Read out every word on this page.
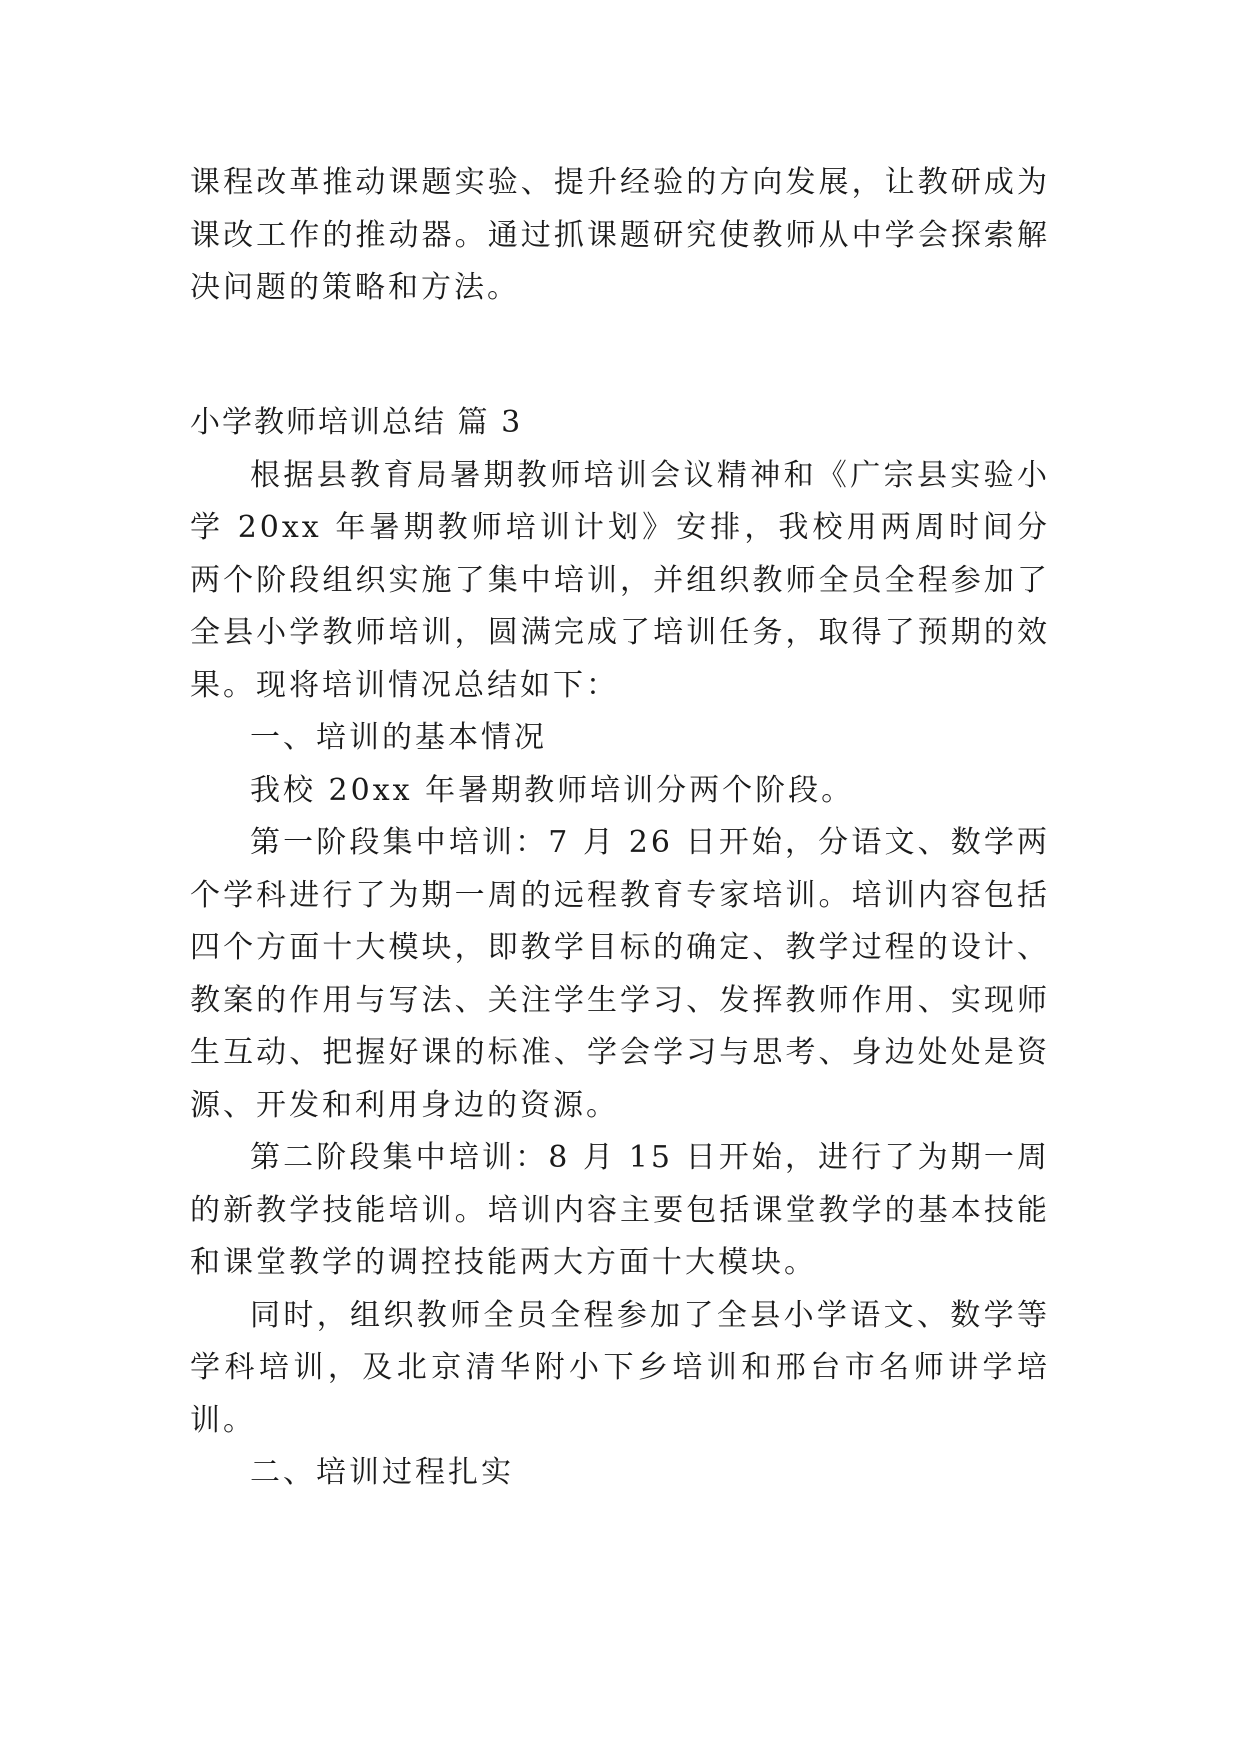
课程改革推动课题实验、提升经验的方向发展，让教研成为课改工作的推动器。通过抓课题研究使教师从中学会探索解决问题的策略和方法。

小学教师培训总结 篇 3

根据县教育局暑期教师培训会议精神和《广宗县实验小学 20xx 年暑期教师培训计划》安排，我校用两周时间分两个阶段组织实施了集中培训，并组织教师全员全程参加了全县小学教师培训，圆满完成了培训任务，取得了预期的效果。现将培训情况总结如下：

一、培训的基本情况

我校 20xx 年暑期教师培训分两个阶段。

第一阶段集中培训：7 月 26 日开始，分语文、数学两个学科进行了为期一周的远程教育专家培训。培训内容包括四个方面十大模块，即教学目标的确定、教学过程的设计、教案的作用与写法、关注学生学习、发挥教师作用、实现师生互动、把握好课的标准、学会学习与思考、身边处处是资源、开发和利用身边的资源。

第二阶段集中培训：8 月 15 日开始，进行了为期一周的新教学技能培训。培训内容主要包括课堂教学的基本技能和课堂教学的调控技能两大方面十大模块。

同时，组织教师全员全程参加了全县小学语文、数学等学科培训，及北京清华附小下乡培训和邢台市名师讲学培训。

二、培训过程扎实
